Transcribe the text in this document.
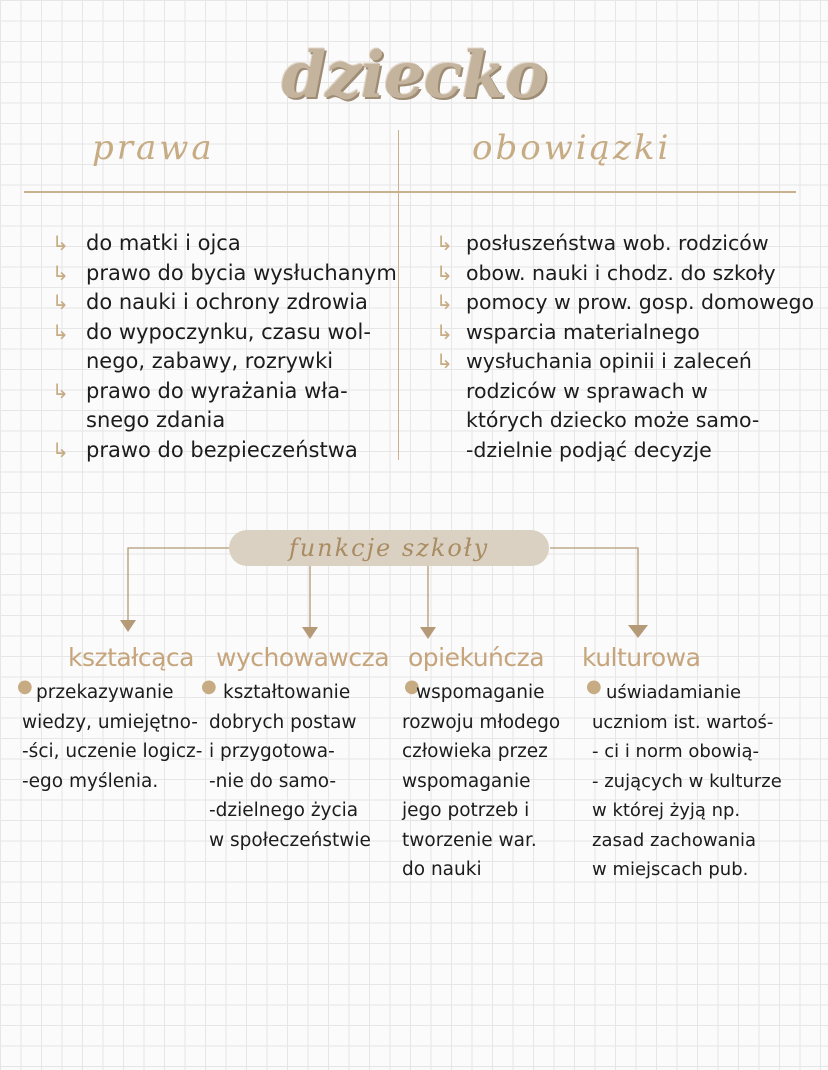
dziecko
prawa	obowiązki
↳ do matki i ojca
↳ prawo do bycia wysłuchanym
↳ do nauki i ochrony zdrowia
↳ do wypoczynku, czasu wol-
nego, zabawy, rozrywki
↳ prawo do wyrażania wła-
snego zdania
↳ prawo do bezpieczeństwa
↳ posłuszeństwa wob. rodziców
↳ obow. nauki i chodz. do szkoły
↳ pomocy w prow. gosp. domowego
↳ wsparcia materialnego
↳ wysłuchania opinii i zaleceń
rodziców w sprawach w
których dziecko może samo-
-dzielnie podjąć decyzje
funkcje szkoły
kształcąca wychowawcza opiekuńcza kulturowa
●	●	●	●
przekazywanie
wiedzy, umiejętno-
-ści, uczenie logicz-
-ego myślenia.
kształtowanie
dobrych postaw
i przygotowa-
-nie do samo-
-dzielnego życia
w społeczeństwie
wspomaganie
rozwoju młodego
człowieka przez
wspomaganie
jego potrzeb i
tworzenie war.
do nauki
uświadamianie
uczniom ist. wartoś-
- ci i norm obowią-
- zujących w kulturze
w której żyją np.
zasad zachowania
w miejscach pub.
